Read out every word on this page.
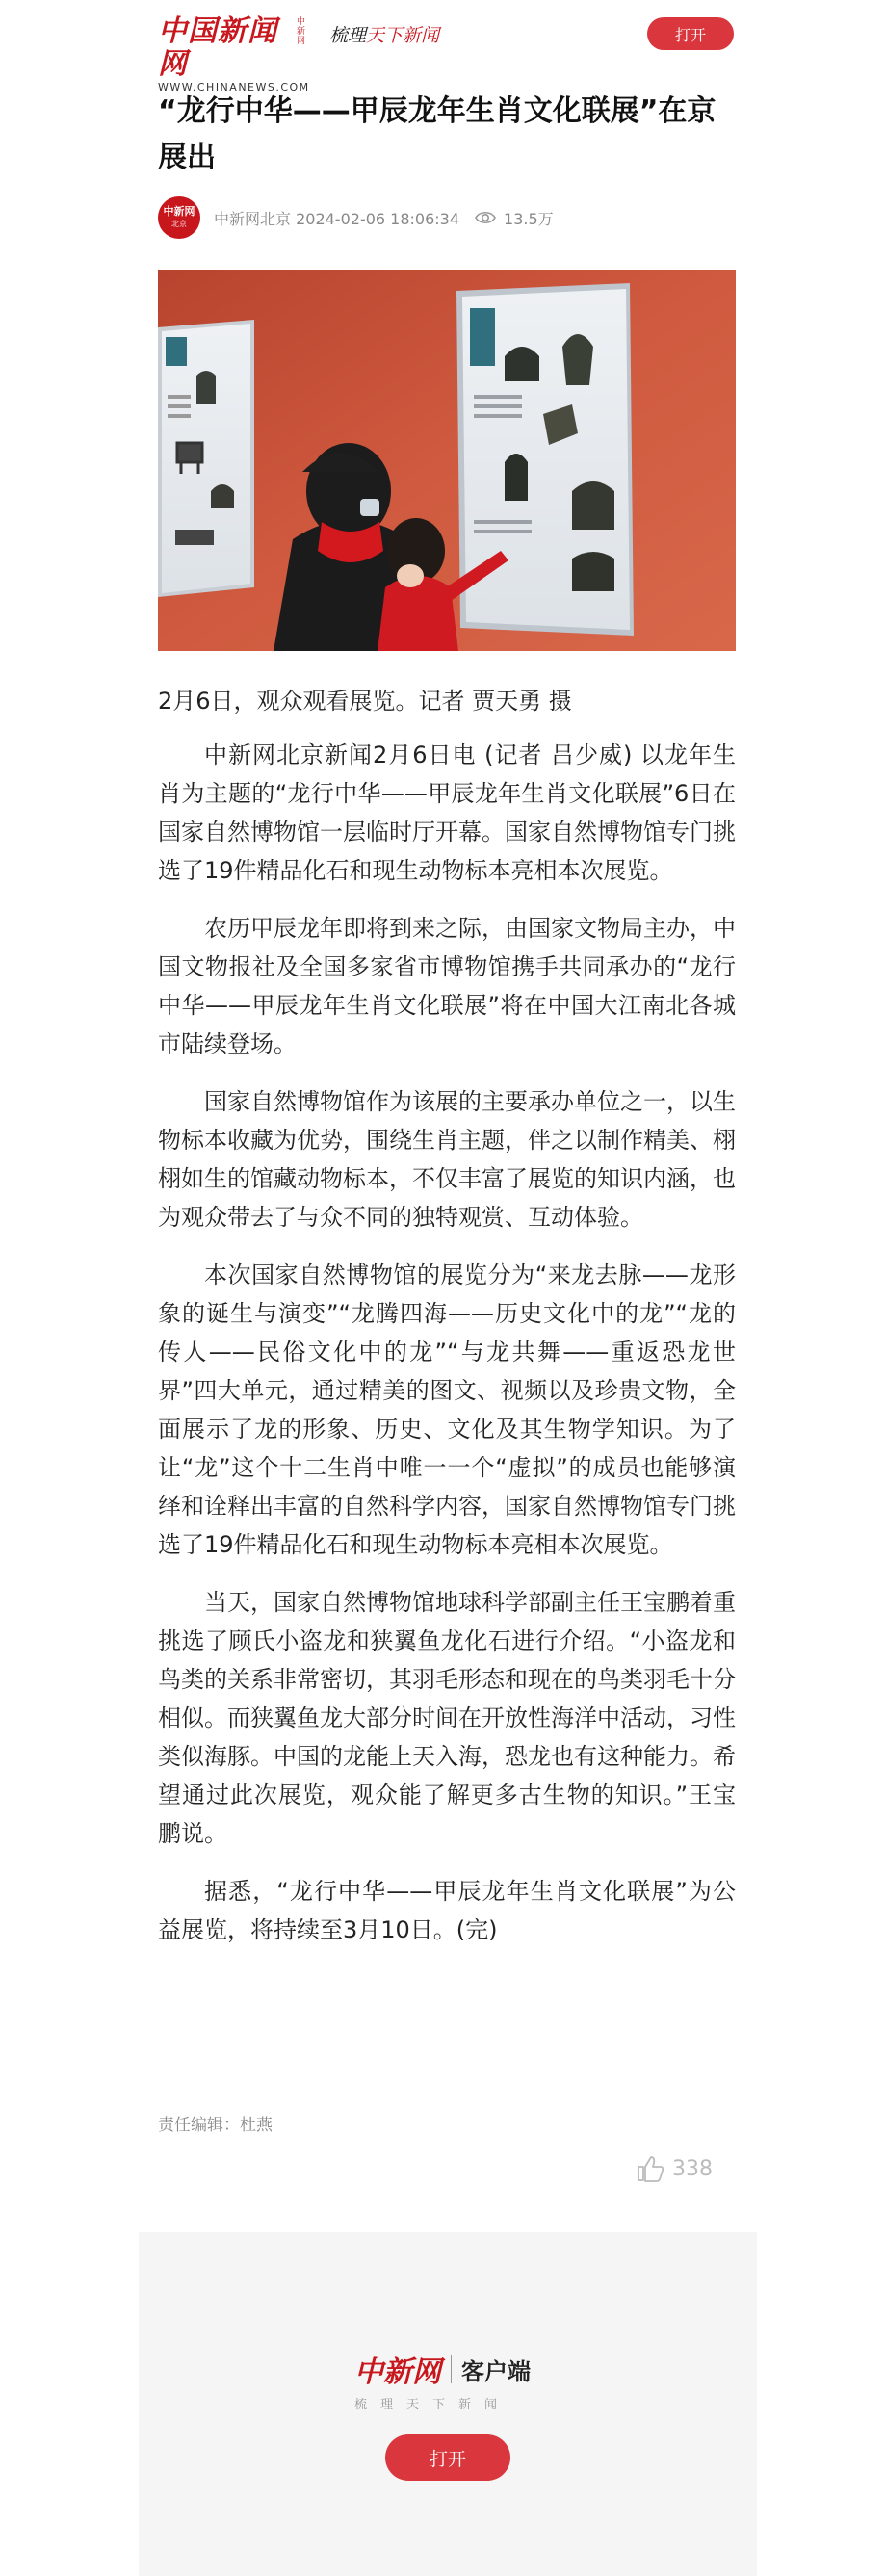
中国新闻网
中新网
WWW.CHINANEWS.COM
梳理天下新闻	打开
“龙行中华——甲辰龙年生肖文化联展”在京展出
中新网
北京 中新网北京 2024-02-06 18:06:34	13.5万

2月6日，观众观看展览。记者 贾天勇 摄

中新网北京新闻2月6日电 (记者 吕少威) 以龙年生肖为主题的“龙行中华——甲辰龙年生肖文化联展”6日在国家自然博物馆一层临时厅开幕。国家自然博物馆专门挑选了19件精品化石和现生动物标本亮相本次展览。

农历甲辰龙年即将到来之际，由国家文物局主办，中国文物报社及全国多家省市博物馆携手共同承办的“龙行中华——甲辰龙年生肖文化联展”将在中国大江南北各城市陆续登场。

国家自然博物馆作为该展的主要承办单位之一，以生物标本收藏为优势，围绕生肖主题，伴之以制作精美、栩栩如生的馆藏动物标本，不仅丰富了展览的知识内涵，也为观众带去了与众不同的独特观赏、互动体验。

本次国家自然博物馆的展览分为“来龙去脉——龙形象的诞生与演变”“龙腾四海——历史文化中的龙”“龙的传人——民俗文化中的龙”“与龙共舞——重返恐龙世界”四大单元，通过精美的图文、视频以及珍贵文物，全面展示了龙的形象、历史、文化及其生物学知识。为了让“龙”这个十二生肖中唯一一个“虚拟”的成员也能够演绎和诠释出丰富的自然科学内容，国家自然博物馆专门挑选了19件精品化石和现生动物标本亮相本次展览。

当天，国家自然博物馆地球科学部副主任王宝鹏着重挑选了顾氏小盗龙和狭翼鱼龙化石进行介绍。“小盗龙和鸟类的关系非常密切，其羽毛形态和现在的鸟类羽毛十分相似。而狭翼鱼龙大部分时间在开放性海洋中活动，习性类似海豚。中国的龙能上天入海，恐龙也有这种能力。希望通过此次展览，观众能了解更多古生物的知识。”王宝鹏说。

据悉，“龙行中华——甲辰龙年生肖文化联展”为公益展览，将持续至3月10日。(完)

责任编辑：杜燕
338
中新网 客户端
梳理天下新闻
打开
